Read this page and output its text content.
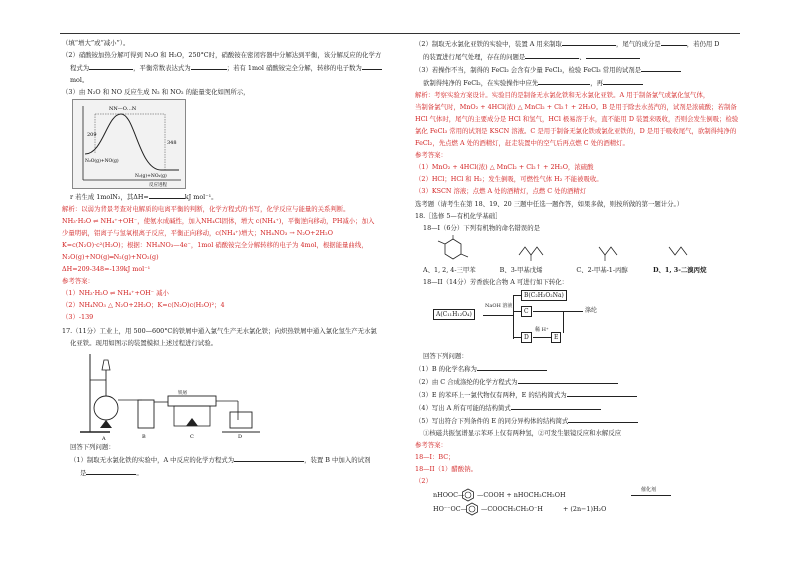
（填“增大”或“减小”）。

（2）硝酸铵加热分解可得到 N₂O 和 H₂O，250°C时，硝酸铵在密闭容器中分解达到平衡，该分解反应的化学方

程式为	，平衡常数表达式为	；若有 1mol 硝酸铵完全分解，转移的电子数为

mol。

（3）由 N₂O 和 NO 反应生成 N₂ 和 NO₂ 的能量变化如图所示，

NN—O…N
209
348
N₂(g)+NO₂(g)
N₂O(g)+NO(g)
反应进程

r 若生成 1molN₂，其ΔH=	kJ mol⁻¹。

解析：以弱为背景考查对电解质的电离平衡的判断，化学方程式的书写，化学反应与能量的关系判断。

NH₃·H₂O ⇌ NH₄⁺+OH⁻，使氨水成碱性，加入NH₄Cl固体，增大 c(NH₄⁺)，平衡逆向移动，PH减小；加入

少量明矾，铝离子与氢氧根离子反应，平衡正向移动，c(NH₄⁺)增大；NH₄NO₃ → N₂O+2H₂O

K=c(N₂O)·c²(H₂O)；根据：NH₄NO₃—4e⁻，1mol 硝酸铵完全分解转移的电子为 4mol，根据能量曲线，

N₂O(g)+NO(g)═N₂(g)+NO₂(g)

ΔH=209-348=-139kJ mol⁻¹

参考答案：

（1）NH₃·H₂O ⇌ NH₄⁺+OH⁻ 减小

（2）NH₄NO₃ △ N₂O+2H₂O；K=c(N₂O)c(H₂O)²；4

（3）-139

17.（11分）工业上，用 500—600°C的铁屑中通入氯气生产无水氯化铁；向炽热铁屑中通入氯化氢生产无水氯

化亚铁。现用如图示的装置模拟上述过程进行试验。

A	B	C	D
铁屑

回答下列问题：

（1）制取无水氯化铁的实验中，A 中反应的化学方程式为	，装置 B 中加入的试剂

是	。

（2）制取无水氯化亚铁的实验中，装置 A 用来制取	，尾气的成分是	，若仍用 D

的装置进行尾气处理，存在的问题是	、

（3）若操作不当，制得的 FeCl₂ 会含有少量 FeCl₃，检验 FeCl₃ 常用的试剂是

欲制得纯净的 FeCl₂，在实验操作中应先	，再

解析：考察实验方案设计。实验目的是制备无水氯化铁和无水氯化亚铁。A 用于制备氯气或氯化氢气体，

当制备氯气时，MnO₂ + 4HCl(浓) △ MnCl₂ + Cl₂↑ + 2H₂O。B 是用于除去水蒸汽的，试剂是浓硫酸；若制备

HCl 气体时，尾气的主要成分是 HCl 和氢气，HCl 极易溶于水，直不能用 D 装置来吸收，否则会发生倒吸；检验

氯化 FeCl₃ 常用的试剂是 KSCN 溶液。C 是用于制备无氯化铁或氯化亚铁的，D 是用于吸收尾气，欲制得纯净的

FeCl₂，先点燃 A 处的酒精灯，赶走装置中的空气后再点燃 C 处的酒精灯。

参考答案：

（1）MnO₂ + 4HCl(浓) △ MnCl₂ + Cl₂↑ + 2H₂O，浓硫酸

（2）HCl；HCl 和 H₂；发生倒吸，可燃性气体 H₂ 不能被吸收。

（3）KSCN 溶液；点燃 A 处的酒精灯，点燃 C 处的酒精灯

选考题（请考生在第 18、19、20 三题中任选一题作答，如果多做，则按所做的第一题计分。）

18.［选修 5—有机化学基础］

18—I（6分）下列有机物的命名错误的是

A、1, 2, 4-三甲苯	B、3-甲基戊烯	C、2-甲基-1-丙醇	D、1, 3-二溴丙烷

18—II（14分）芳香族化合物 A 可进行如下转化：

A(C₁₁H₁₂O₄)
NaOH 溶液
B(C₂H₃O₂Na)
C
D
稀 H⁺
E
涤纶

回答下列问题：

（1）B 的化学名称为

（2）由 C 合成涤纶的化学方程式为

（3）E 的苯环上一氯代物仅有两种，E 的结构简式为

（4）写出 A 所有可能的结构简式

（5）写出符合下列条件的 E 的同分异构体的结构简式

①核磁共振氢谱显示苯环上仅有两种氢，②可发生银镜反应和水解反应

参考答案：

18—I：BC；

18—II（1）醋酸钠。

（2）

nHOOC— —COOH + nHOCH₂CH₂OH
催化剂
HO⁻⁻OC— —COOCH₂CH₂O⁻H	+ (2n−1)H₂O
